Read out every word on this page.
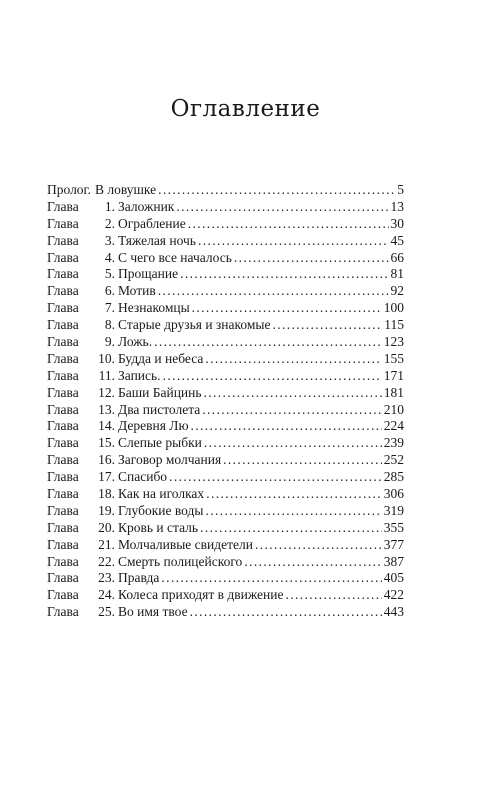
Оглавление
Пролог. В ловушке . . .	5
Глава	1. Заложник . . .	13
Глава	2. Ограбление . . .	30
Глава	3. Тяжелая ночь . . .	45
Глава	4. С чего все началось . . .	66
Глава	5. Прощание . . .	81
Глава	6. Мотив . . .	92
Глава	7. Незнакомцы . . .	100
Глава	8. Старые друзья и знакомые . . .	115
Глава	9. Ложь. . . .	123
Глава	10. Будда и небеса . . .	155
Глава	11. Запись. . . .	171
Глава	12. Баши Байцинь . . .	181
Глава	13. Два пистолета . . .	210
Глава	14. Деревня Лю . . .	224
Глава	15. Слепые рыбки . . .	239
Глава	16. Заговор молчания . . .	252
Глава	17. Спасибо . . .	285
Глава	18. Как на иголках . . .	306
Глава	19. Глубокие воды . . .	319
Глава	20. Кровь и сталь . . .	355
Глава	21. Молчаливые свидетели . . .	377
Глава	22. Смерть полицейского . . .	387
Глава	23. Правда . . .	405
Глава	24. Колеса приходят в движение . . .	422
Глава	25. Во имя твое . . .	443
